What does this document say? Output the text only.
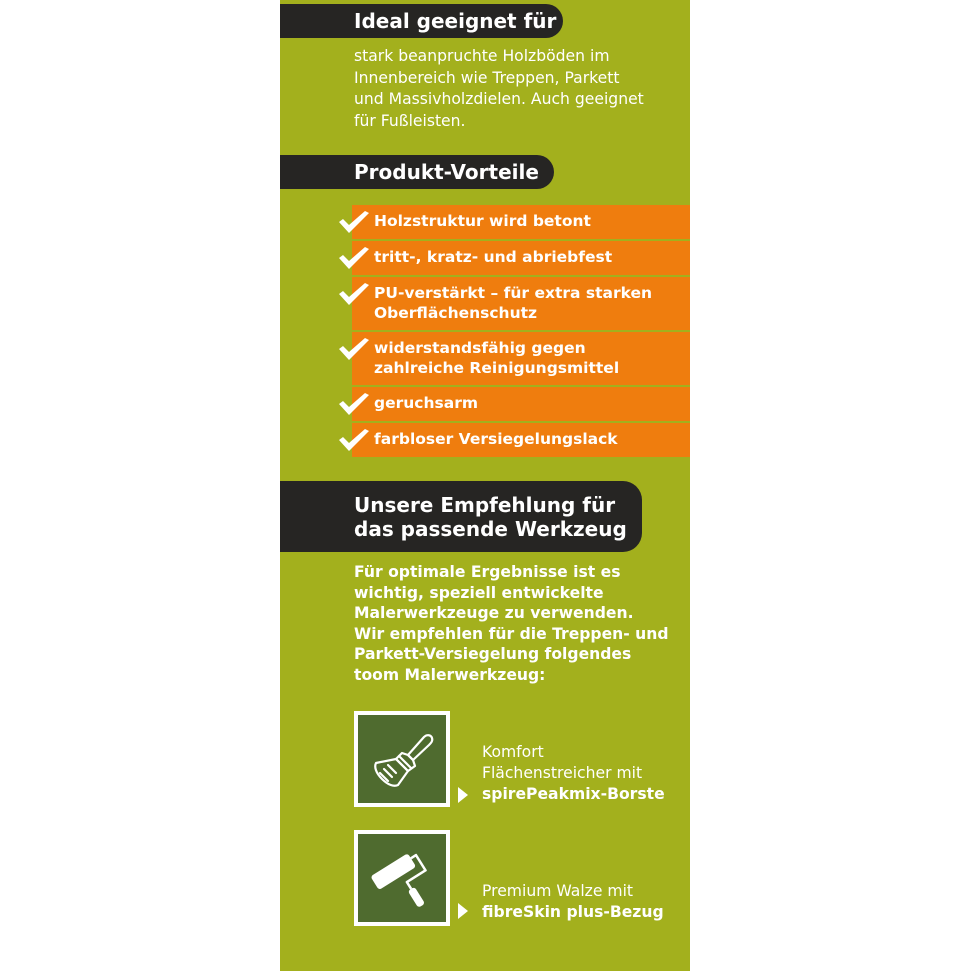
Ideal geeignet für
stark beanpruchte Holzböden im
Innenbereich wie Treppen, Parkett
und Massivholzdielen. Auch geeignet
für Fußleisten.
Produkt-Vorteile
Holzstruktur wird betont
tritt-, kratz- und abriebfest
PU-verstärkt – für extra starken
Oberflächenschutz
widerstandsfähig gegen
zahlreiche Reinigungsmittel
geruchsarm
farbloser Versiegelungslack
Unsere Empfehlung für
das passende Werkzeug
Für optimale Ergebnisse ist es
wichtig, speziell entwickelte
Malerwerkzeuge zu verwenden.
Wir empfehlen für die Treppen- und
Parkett-Versiegelung folgendes
toom Malerwerkzeug:
Komfort
Flächenstreicher mit
spirePeakmix-Borste
Premium Walze mit
fibreSkin plus-Bezug
